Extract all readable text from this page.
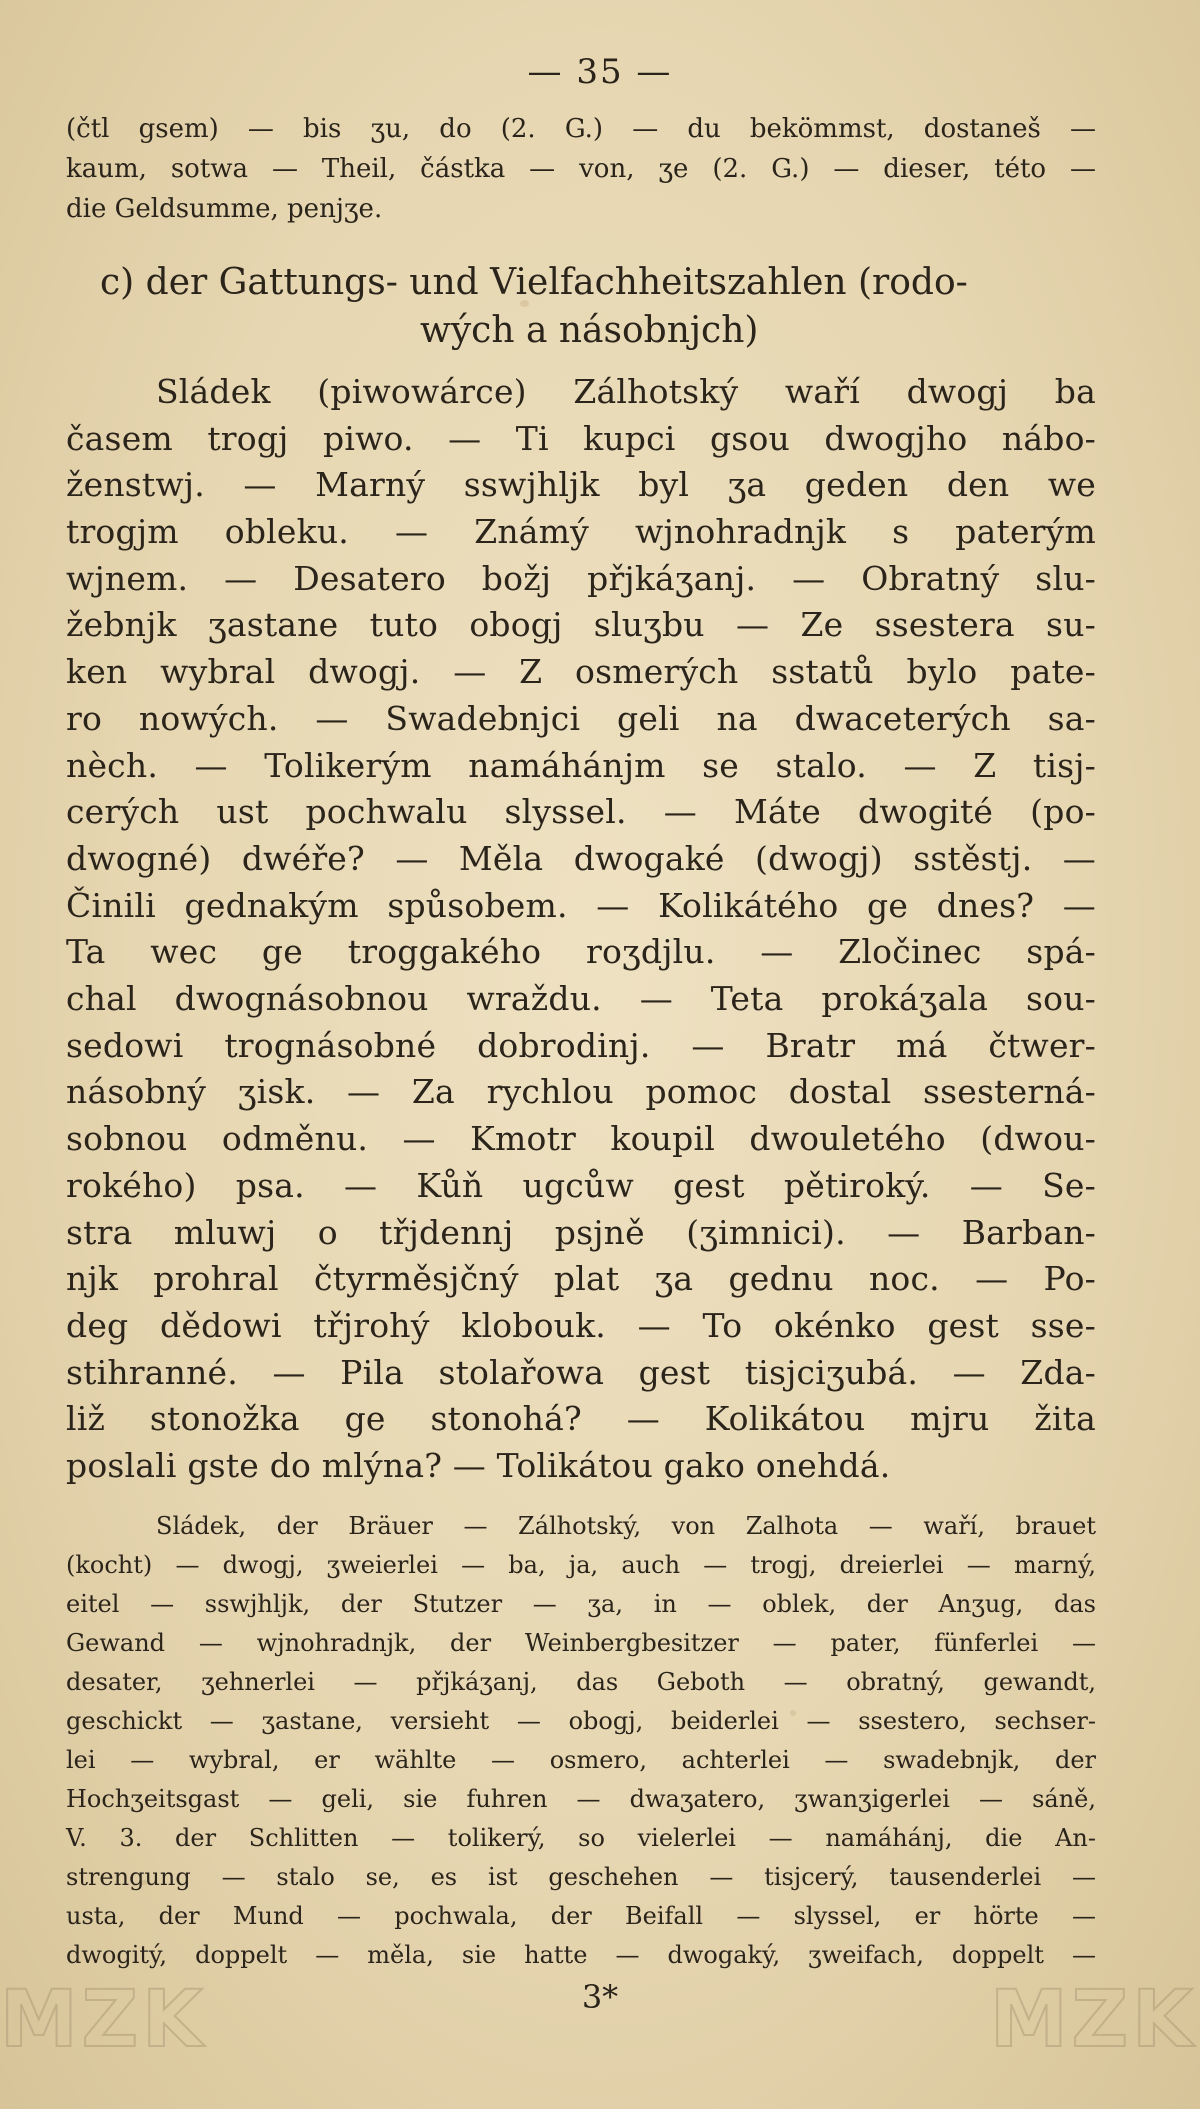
— 35 —
(čtl gsem) — bis ʒu, do (2. G.) — du bekömmst, dostaneš —
kaum, sotwa — Theil, částka — von, ʒe (2. G.) — dieser, této —
die Geldsumme, penjʒe.
c) der Gattungs- und Vielfachheitszahlen (rodo-
wých a násobnjch)
Sládek (piwowárce) Zálhotský waří dwogj ba
časem trogj piwo. — Ti kupci gsou dwogjho nábo-
ženstwj. — Marný sswjhljk byl ʒa geden den we
trogjm obleku. — Známý wjnohradnjk s paterým
wjnem. — Desatero božj přjkáʒanj. — Obratný slu-
žebnjk ʒastane tuto obogj sluʒbu — Ze ssestera su-
ken wybral dwogj. — Z osmerých sstatů bylo pate-
ro nowých. — Swadebnjci geli na dwaceterých sa-
nèch. — Tolikerým namáhánjm se stalo. — Z tisj-
cerých ust pochwalu slyssel. — Máte dwogité (po-
dwogné) dwéře? — Měla dwogaké (dwogj) sstěstj. —
Činili gednakým spůsobem. — Kolikátého ge dnes? —
Ta wec ge troggakého roʒdjlu. — Zločinec spá-
chal dwognásobnou wraždu. — Teta prokáʒala sou-
sedowi trognásobné dobrodinj. — Bratr má čtwer-
násobný ʒisk. — Za rychlou pomoc dostal ssesterná-
sobnou odměnu. — Kmotr koupil dwouletého (dwou-
rokého) psa. — Kůň ugcůw gest pětiroký. — Se-
stra mluwj o třjdennj psjně (ʒimnici). — Barban-
njk prohral čtyrměsjčný plat ʒa gednu noc. — Po-
deg dědowi třjrohý klobouk. — To okénko gest sse-
stihranné. — Pila stolařowa gest tisjciʒubá. — Zda-
liž stonožka ge stonohá? — Kolikátou mjru žita
Sládek, der Bräuer — Zálhotský, von Zalhota — waří, brauet
(kocht) — dwogj, ʒweierlei — ba, ja, auch — trogj, dreierlei — marný,
eitel — sswjhljk, der Stutzer — ʒa, in — oblek, der Anʒug, das
Gewand — wjnohradnjk, der Weinbergbesitzer — pater, fünferlei —
desater, ʒehnerlei — přjkáʒanj, das Geboth — obratný, gewandt,
geschickt — ʒastane, versieht — obogj, beiderlei — ssestero, sechser-
lei — wybral, er wählte — osmero, achterlei — swadebnjk, der
Hochʒeitsgast — geli, sie fuhren — dwaʒatero, ʒwanʒigerlei — sáně,
V. 3. der Schlitten — tolikerý, so vielerlei — namáhánj, die An-
strengung — stalo se, es ist geschehen — tisjcerý, tausenderlei —
usta, der Mund — pochwala, der Beifall — slyssel, er hörte —
dwogitý, doppelt — měla, sie hatte — dwogaký, ʒweifach, doppelt —
3*
MZK	MZK
poslali gste do mlýna? — Tolikátou gako onehdá.
